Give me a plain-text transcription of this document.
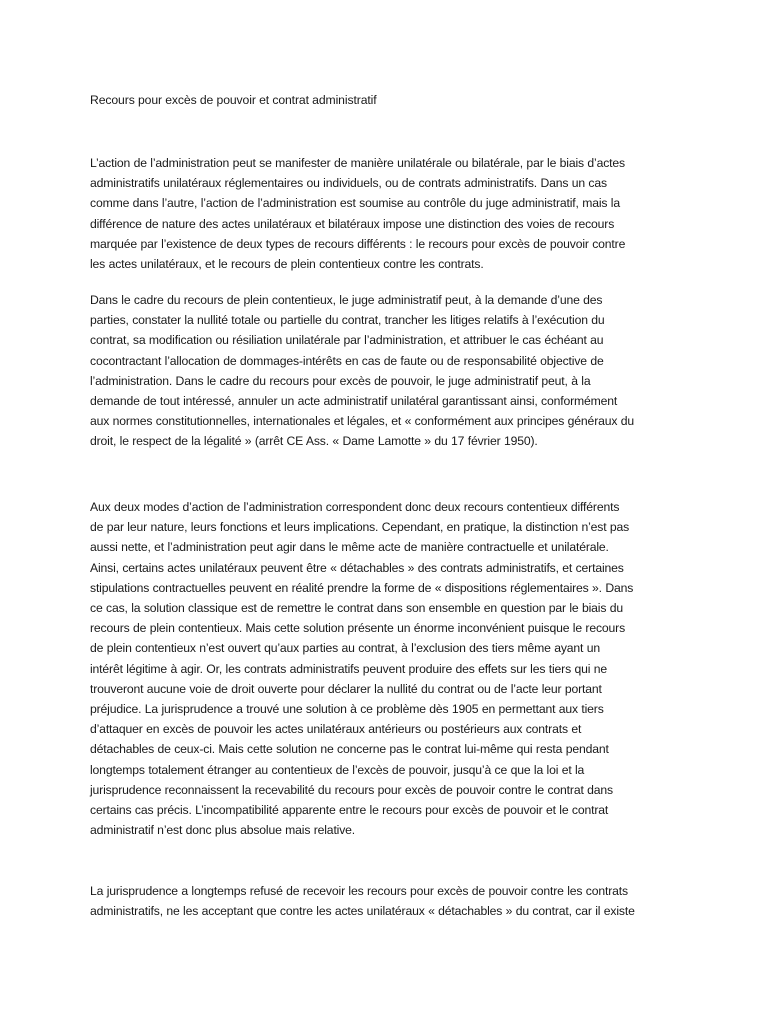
Recours pour excès de pouvoir et contrat administratif

L’action de l’administration peut se manifester de manière unilatérale ou bilatérale, par le biais d’actes
administratifs unilatéraux réglementaires ou individuels, ou de contrats administratifs. Dans un cas
comme dans l’autre, l’action de l’administration est soumise au contrôle du juge administratif, mais la
différence de nature des actes unilatéraux et bilatéraux impose une distinction des voies de recours
marquée par l’existence de deux types de recours différents : le recours pour excès de pouvoir contre
les actes unilatéraux, et le recours de plein contentieux contre les contrats.

Dans le cadre du recours de plein contentieux, le juge administratif peut, à la demande d’une des
parties, constater la nullité totale ou partielle du contrat, trancher les litiges relatifs à l’exécution du
contrat, sa modification ou résiliation unilatérale par l’administration, et attribuer le cas échéant au
cocontractant l’allocation de dommages-intérêts en cas de faute ou de responsabilité objective de
l’administration. Dans le cadre du recours pour excès de pouvoir, le juge administratif peut, à la
demande de tout intéressé, annuler un acte administratif unilatéral garantissant ainsi, conformément
aux normes constitutionnelles, internationales et légales, et « conformément aux principes généraux du
droit, le respect de la légalité » (arrêt CE Ass. « Dame Lamotte » du 17 février 1950).

Aux deux modes d’action de l’administration correspondent donc deux recours contentieux différents
de par leur nature, leurs fonctions et leurs implications. Cependant, en pratique, la distinction n’est pas
aussi nette, et l’administration peut agir dans le même acte de manière contractuelle et unilatérale.
Ainsi, certains actes unilatéraux peuvent être « détachables » des contrats administratifs, et certaines
stipulations contractuelles peuvent en réalité prendre la forme de « dispositions réglementaires ». Dans
ce cas, la solution classique est de remettre le contrat dans son ensemble en question par le biais du
recours de plein contentieux. Mais cette solution présente un énorme inconvénient puisque le recours
de plein contentieux n’est ouvert qu’aux parties au contrat, à l’exclusion des tiers même ayant un
intérêt légitime à agir. Or, les contrats administratifs peuvent produire des effets sur les tiers qui ne
trouveront aucune voie de droit ouverte pour déclarer la nullité du contrat ou de l’acte leur portant
préjudice. La jurisprudence a trouvé une solution à ce problème dès 1905 en permettant aux tiers
d’attaquer en excès de pouvoir les actes unilatéraux antérieurs ou postérieurs aux contrats et
détachables de ceux-ci. Mais cette solution ne concerne pas le contrat lui-même qui resta pendant
longtemps totalement étranger au contentieux de l’excès de pouvoir, jusqu’à ce que la loi et la
jurisprudence reconnaissent la recevabilité du recours pour excès de pouvoir contre le contrat dans
certains cas précis. L’incompatibilité apparente entre le recours pour excès de pouvoir et le contrat
administratif n’est donc plus absolue mais relative.

La jurisprudence a longtemps refusé de recevoir les recours pour excès de pouvoir contre les contrats
administratifs, ne les acceptant que contre les actes unilatéraux « détachables » du contrat, car il existe
